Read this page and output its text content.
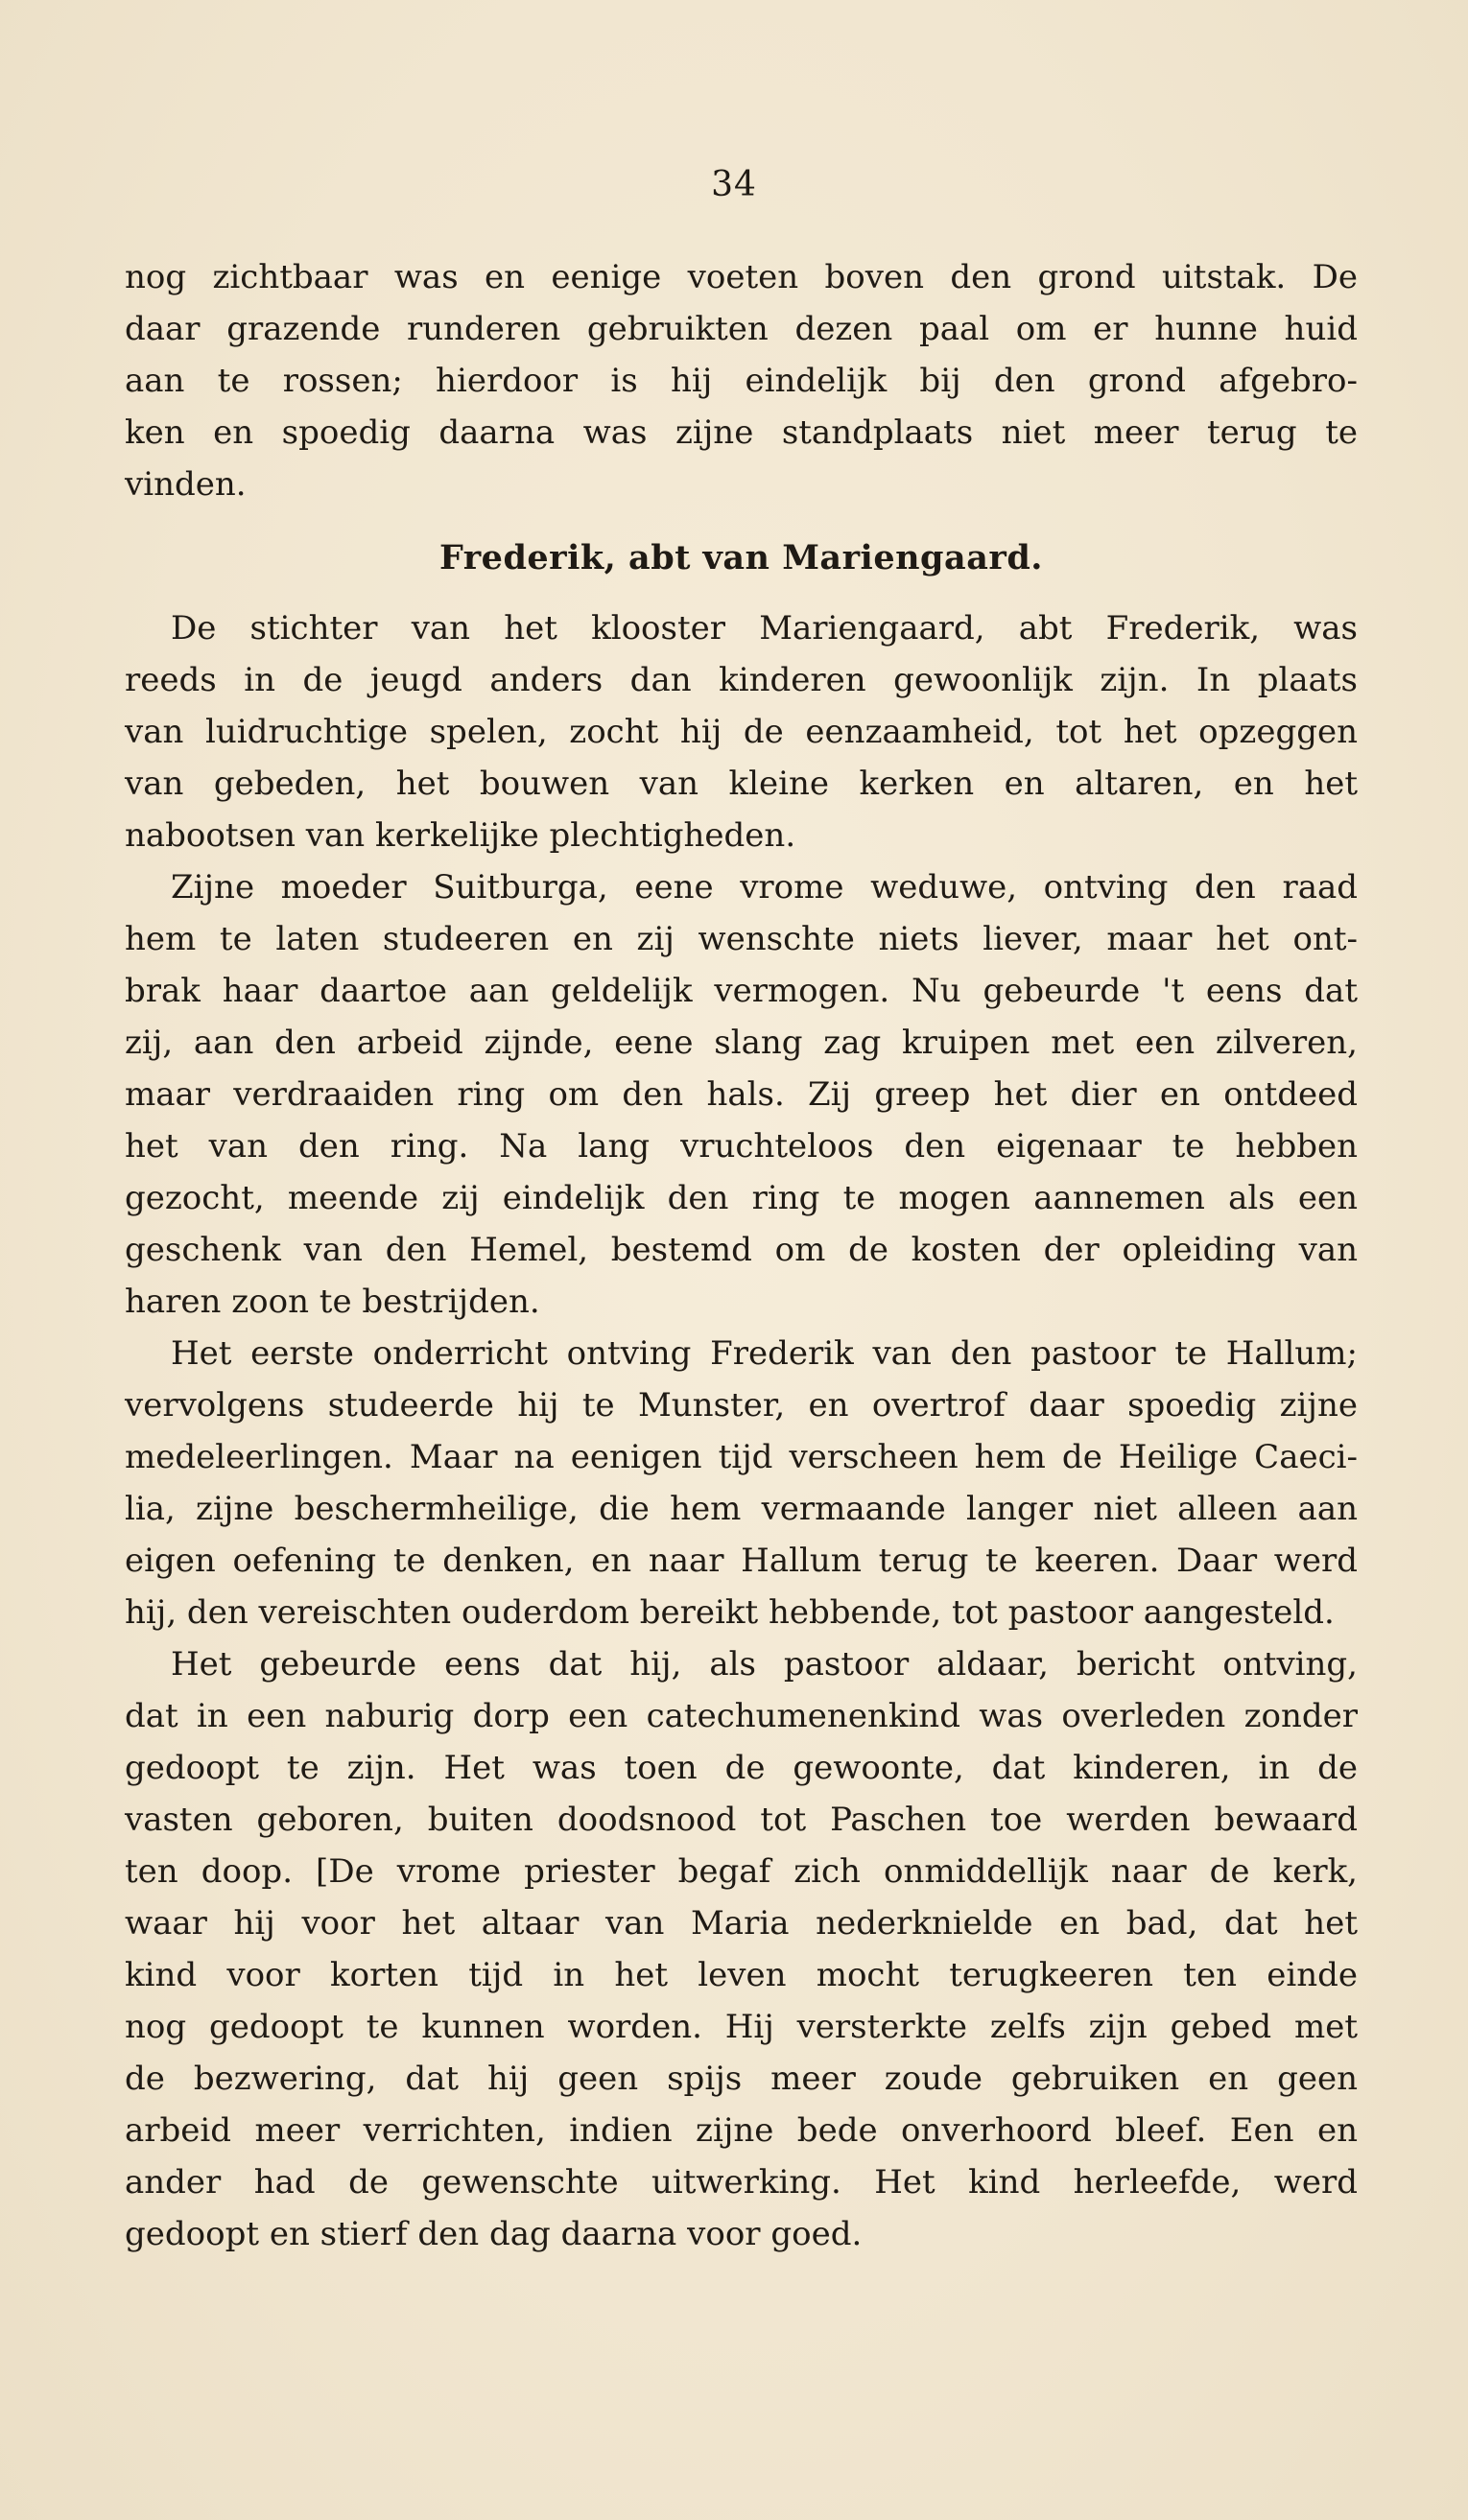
34
nog zichtbaar was en eenige voeten boven den grond uitstak. De
daar grazende runderen gebruikten dezen paal om er hunne huid
aan te rossen; hierdoor is hij eindelijk bij den grond afgebro-
ken en spoedig daarna was zijne standplaats niet meer terug te
vinden.
Frederik, abt van Mariengaard.
De stichter van het klooster Mariengaard, abt Frederik, was
reeds in de jeugd anders dan kinderen gewoonlijk zijn. In plaats
van luidruchtige spelen, zocht hij de eenzaamheid, tot het opzeggen
van gebeden, het bouwen van kleine kerken en altaren, en het
nabootsen van kerkelijke plechtigheden.
Zijne moeder Suitburga, eene vrome weduwe, ontving den raad
hem te laten studeeren en zij wenschte niets liever, maar het ont-
brak haar daartoe aan geldelijk vermogen. Nu gebeurde 't eens dat
zij, aan den arbeid zijnde, eene slang zag kruipen met een zilveren,
maar verdraaiden ring om den hals. Zij greep het dier en ontdeed
het van den ring. Na lang vruchteloos den eigenaar te hebben
gezocht, meende zij eindelijk den ring te mogen aannemen als een
geschenk van den Hemel, bestemd om de kosten der opleiding van
haren zoon te bestrijden.
Het eerste onderricht ontving Frederik van den pastoor te Hallum;
vervolgens studeerde hij te Munster, en overtrof daar spoedig zijne
medeleerlingen. Maar na eenigen tijd verscheen hem de Heilige Caeci-
lia, zijne beschermheilige, die hem vermaande langer niet alleen aan
eigen oefening te denken, en naar Hallum terug te keeren. Daar werd
hij, den vereischten ouderdom bereikt hebbende, tot pastoor aangesteld.
Het gebeurde eens dat hij, als pastoor aldaar, bericht ontving,
dat in een naburig dorp een catechumenenkind was overleden zonder
gedoopt te zijn. Het was toen de gewoonte, dat kinderen, in de
vasten geboren, buiten doodsnood tot Paschen toe werden bewaard
ten doop. [De vrome priester begaf zich onmiddellijk naar de kerk,
waar hij voor het altaar van Maria nederknielde en bad, dat het
kind voor korten tijd in het leven mocht terugkeeren ten einde
nog gedoopt te kunnen worden. Hij versterkte zelfs zijn gebed met
de bezwering, dat hij geen spijs meer zoude gebruiken en geen
arbeid meer verrichten, indien zijne bede onverhoord bleef. Een en
ander had de gewenschte uitwerking. Het kind herleefde, werd
gedoopt en stierf den dag daarna voor goed.
